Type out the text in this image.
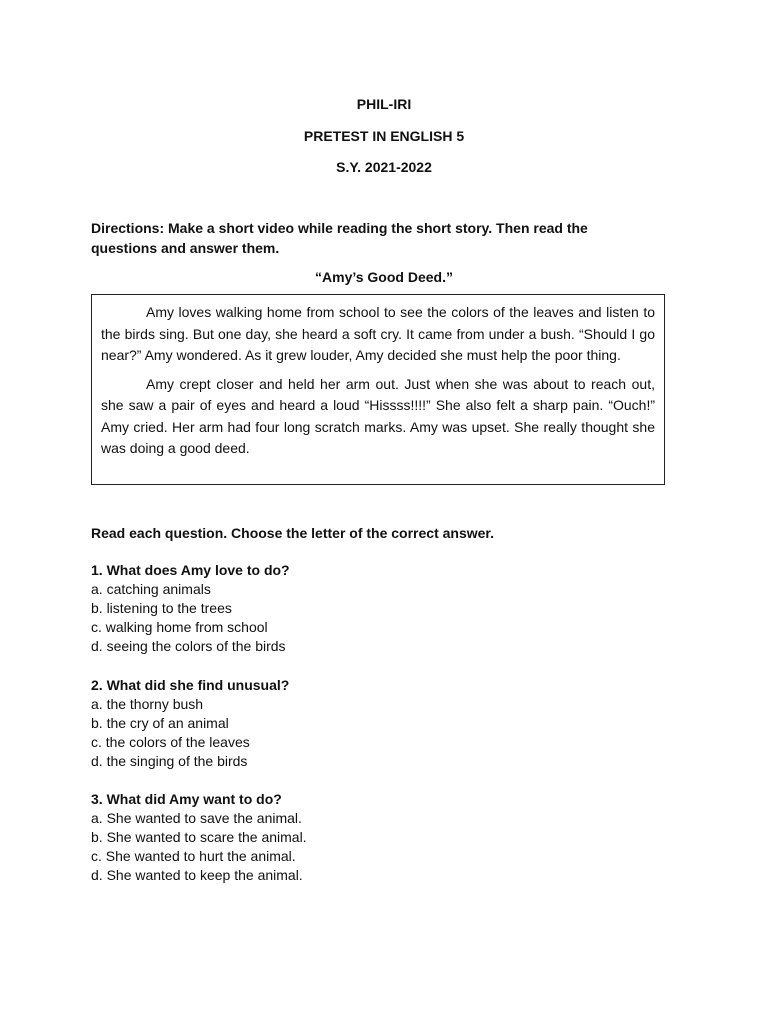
PHIL-IRI
PRETEST IN ENGLISH 5
S.Y. 2021-2022
Directions: Make a short video while reading the short story. Then read the questions and answer them.
“Amy’s Good Deed.”

Amy loves walking home from school to see the colors of the leaves and listen to the birds sing. But one day, she heard a soft cry. It came from under a bush. “Should I go near?” Amy wondered. As it grew louder, Amy decided she must help the poor thing.

Amy crept closer and held her arm out. Just when she was about to reach out, she saw a pair of eyes and heard a loud “Hissss!!!!” She also felt a sharp pain. “Ouch!” Amy cried. Her arm had four long scratch marks. Amy was upset. She really thought she was doing a good deed.

Read each question. Choose the letter of the correct answer.
1. What does Amy love to do?
a. catching animals
b. listening to the trees
c. walking home from school
d. seeing the colors of the birds
2. What did she find unusual?
a. the thorny bush
b. the cry of an animal
c. the colors of the leaves
d. the singing of the birds
3. What did Amy want to do?
a. She wanted to save the animal.
b. She wanted to scare the animal.
c. She wanted to hurt the animal.
d. She wanted to keep the animal.
